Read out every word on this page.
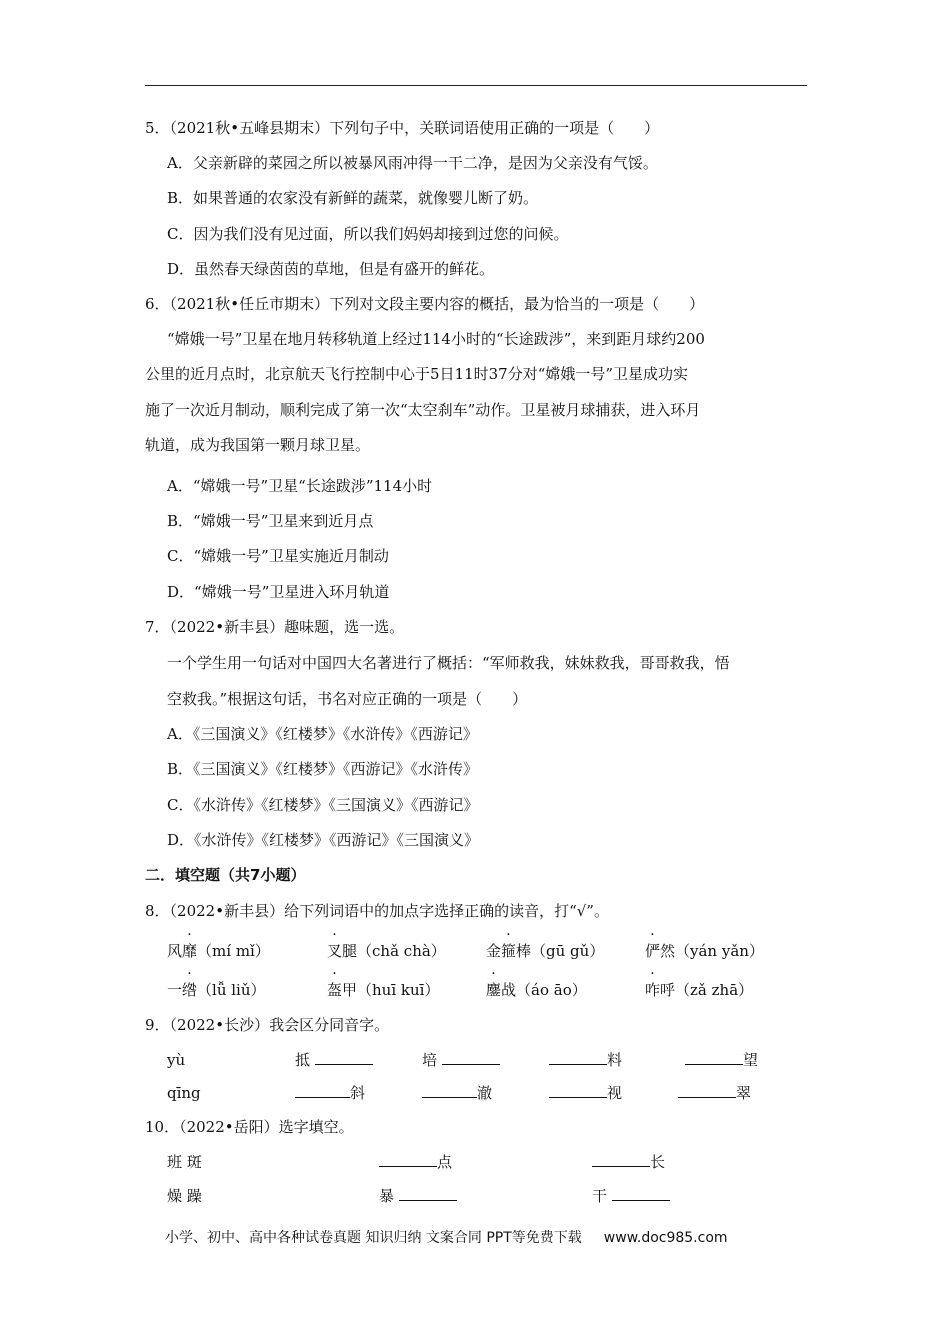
5．（2021秋•五峰县期末）下列句子中，关联词语使用正确的一项是（　　）
A．父亲新辟的菜园之所以被暴风雨冲得一干二净，是因为父亲没有气馁。
B．如果普通的农家没有新鲜的蔬菜，就像婴儿断了奶。
C．因为我们没有见过面，所以我们妈妈却接到过您的问候。
D．虽然春天绿茵茵的草地，但是有盛开的鲜花。
6．（2021秋•任丘市期末）下列对文段主要内容的概括，最为恰当的一项是（　　）
“嫦娥一号”卫星在地月转移轨道上经过114小时的“长途跋涉”，来到距月球约200
公里的近月点时，北京航天飞行控制中心于5日11时37分对“嫦娥一号”卫星成功实
施了一次近月制动，顺利完成了第一次“太空刹车”动作。卫星被月球捕获，进入环月
轨道，成为我国第一颗月球卫星。
A．“嫦娥一号”卫星“长途跋涉”114小时
B．“嫦娥一号”卫星来到近月点
C．“嫦娥一号”卫星实施近月制动
D．“嫦娥一号”卫星进入环月轨道
7．（2022•新丰县）趣味题，选一选。
一个学生用一句话对中国四大名著进行了概括：“军师救我，妹妹救我，哥哥救我，悟
空救我。”根据这句话，书名对应正确的一项是（　　）
A．《三国演义》《红楼梦》《水浒传》《西游记》
B．《三国演义》《红楼梦》《西游记》《水浒传》
C．《水浒传》《红楼梦》《三国演义》《西游记》
D．《水浒传》《红楼梦》《西游记》《三国演义》
二．填空题（共7小题）
8．（2022•新丰县）给下列词语中的加点字选择正确的读音，打“√”。
风靡（mí mǐ）	叉腿（chǎ chà）	金箍棒（gū gǔ）	俨然（yán yǎn）
一绺（lǚ liǔ）	盔甲（huī kuī）	鏖战（áo āo）	咋呼（zǎ zhā）
9．（2022•长沙）我会区分同音字。
yù	抵	培	料	望
qīng	斜	澈	视	翠
10．（2022•岳阳）选字填空。
班 斑	点	长
燥 躁	暴	干
小学、初中、高中各种试卷真题 知识归纳 文案合同 PPT等免费下载 www.doc985.com
